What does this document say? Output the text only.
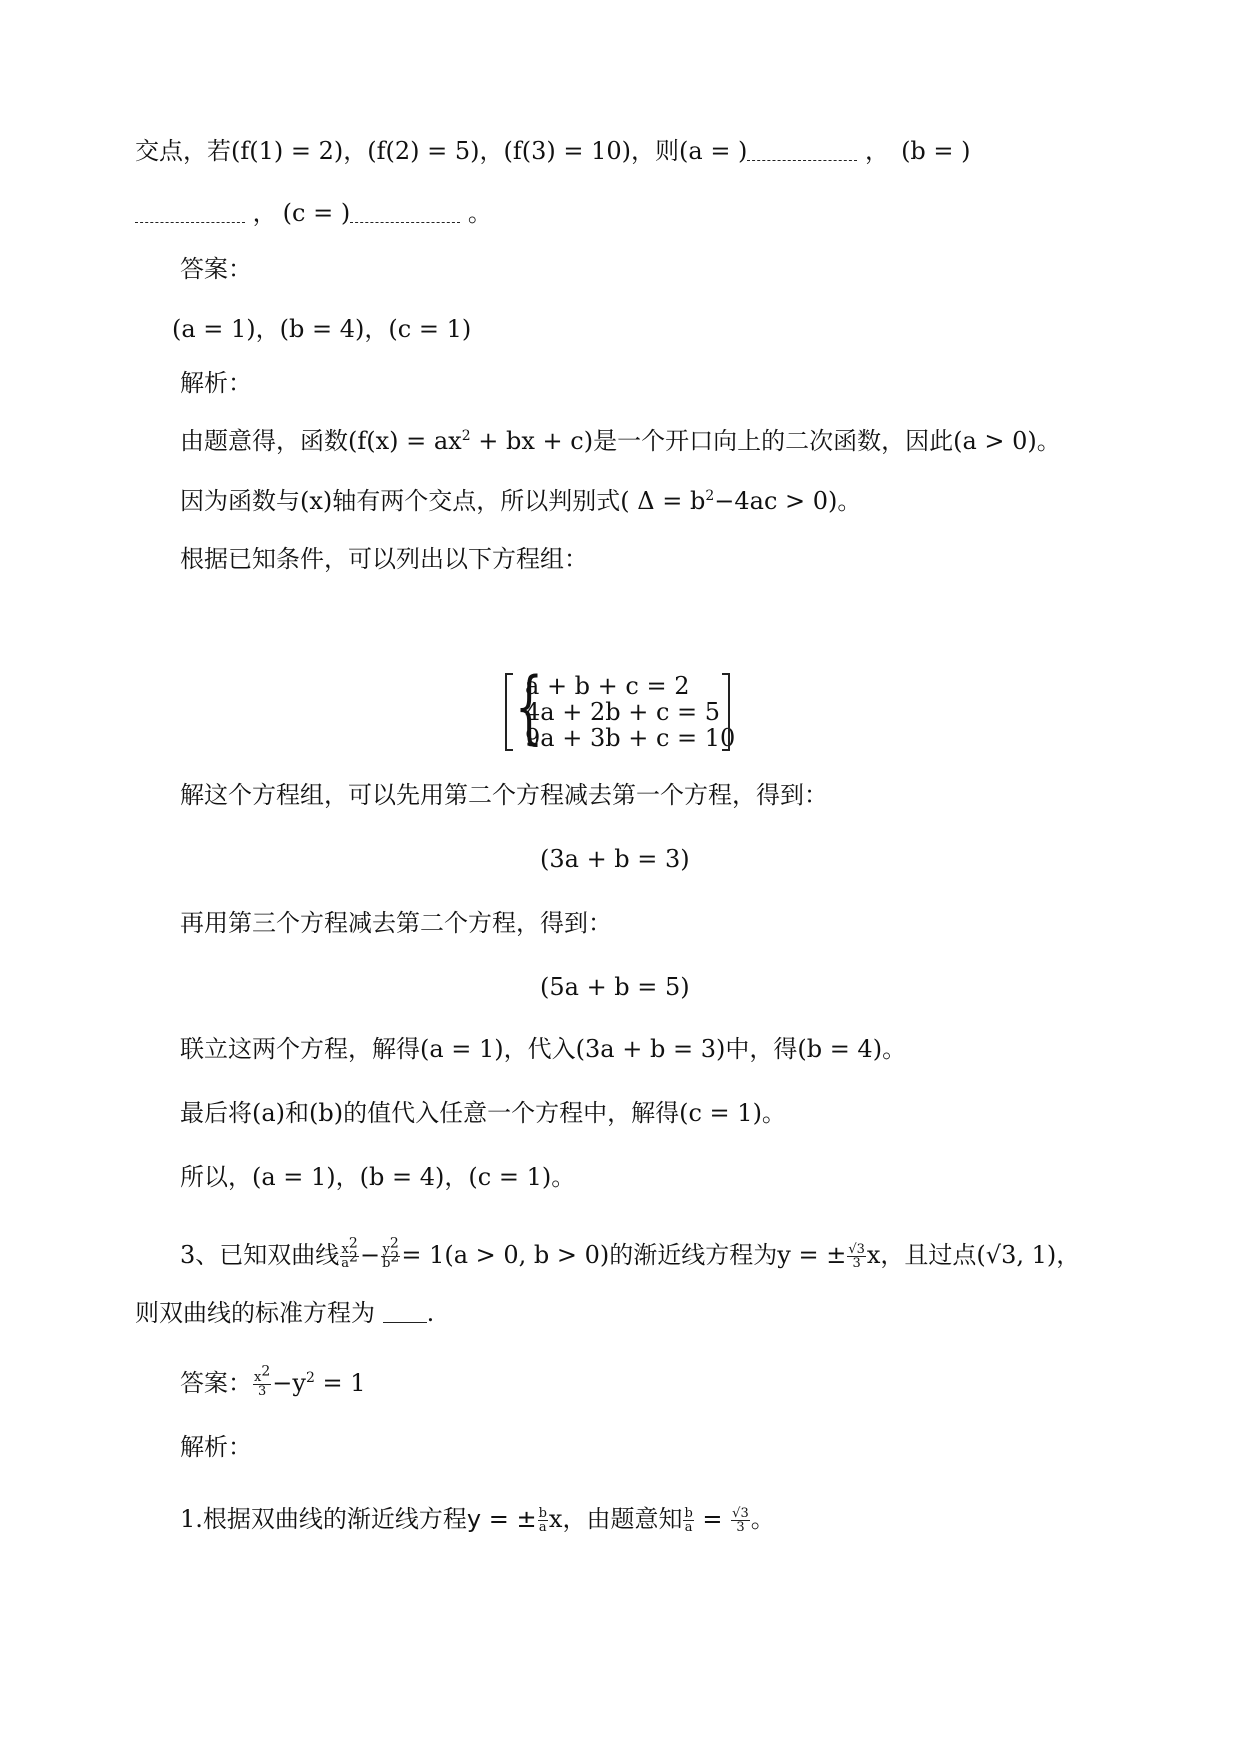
交点，若(f(1) = 2)，(f(2) = 5)，(f(3) = 10)，则(a = )	， (b = )
， (c = )	。
答案：
(a = 1)，(b = 4)，(c = 1)
解析：
由题意得，函数($f(x) = ax^2$ + bx + c)是一个开口向上的二次函数，因此(a > 0)。
因为函数与(x)轴有两个交点，所以判别式( $\Delta = b^2-4ac > 0$)。
根据已知条件，可以列出以下方程组：
{
a + b + c = 2
4a + 2b + c = 5
9a + 3b + c = 10
解这个方程组，可以先用第二个方程减去第一个方程，得到：
(3a + b = 3)
再用第三个方程减去第二个方程，得到：
(5a + b = 5)
联立这两个方程，解得(a = 1)，代入(3a + b = 3)中，得(b = 4)。
最后将(a)和(b)的值代入任意一个方程中，解得(c = 1)。
所以，(a = 1)，(b = 4)，(c = 1)。
3、已知双曲线 $\frac{x^2}{a^2} - \frac{y^2}{b^2} = 1(a > 0$, b > 0)的渐近线方程为y = ± $\frac{√3}{3}$ x，且过点(√3, 1)，
则双曲线的标准方程为 .
答案： $\frac{x^2}{3} -y^2 = 1$
解析：
1.根据双曲线的渐近线方程y = ± $\frac{b}{a}$ x，由题意知 $\frac{b}{a} = \frac{√3}{3}$ 。
